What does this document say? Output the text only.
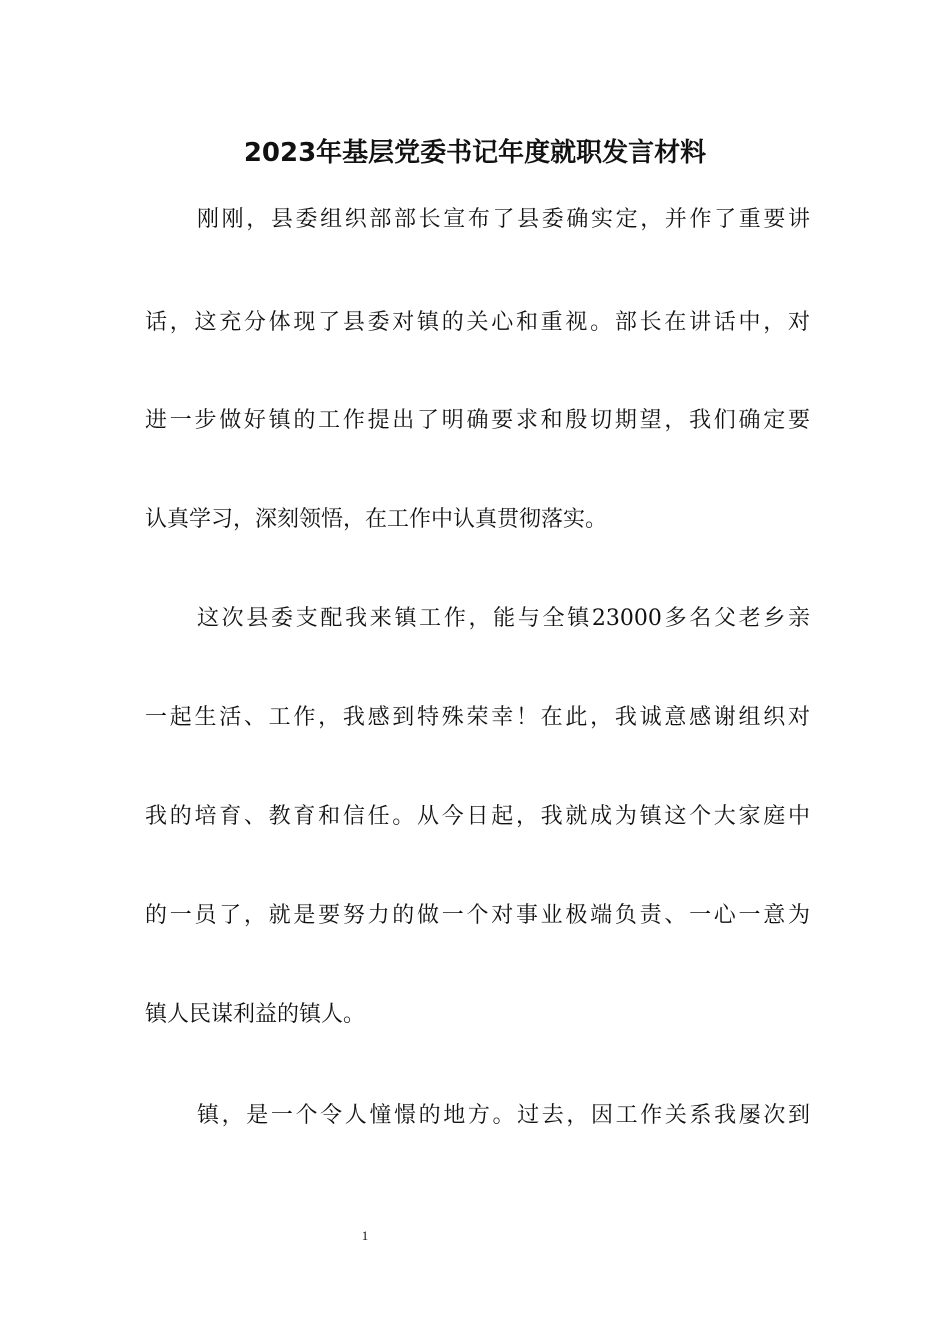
2023年基层党委书记年度就职发言材料

刚刚，县委组织部部长宣布了县委确实定，并作了重要讲

话，这充分体现了县委对镇的关心和重视。部长在讲话中，对

进一步做好镇的工作提出了明确要求和殷切期望，我们确定要

认真学习，深刻领悟，在工作中认真贯彻落实。

这次县委支配我来镇工作，能与全镇23000多名父老乡亲

一起生活、工作，我感到特殊荣幸！在此，我诚意感谢组织对

我的培育、教育和信任。从今日起，我就成为镇这个大家庭中

的一员了，就是要努力的做一个对事业极端负责、一心一意为

镇人民谋利益的镇人。

镇，是一个令人憧憬的地方。过去，因工作关系我屡次到

1
